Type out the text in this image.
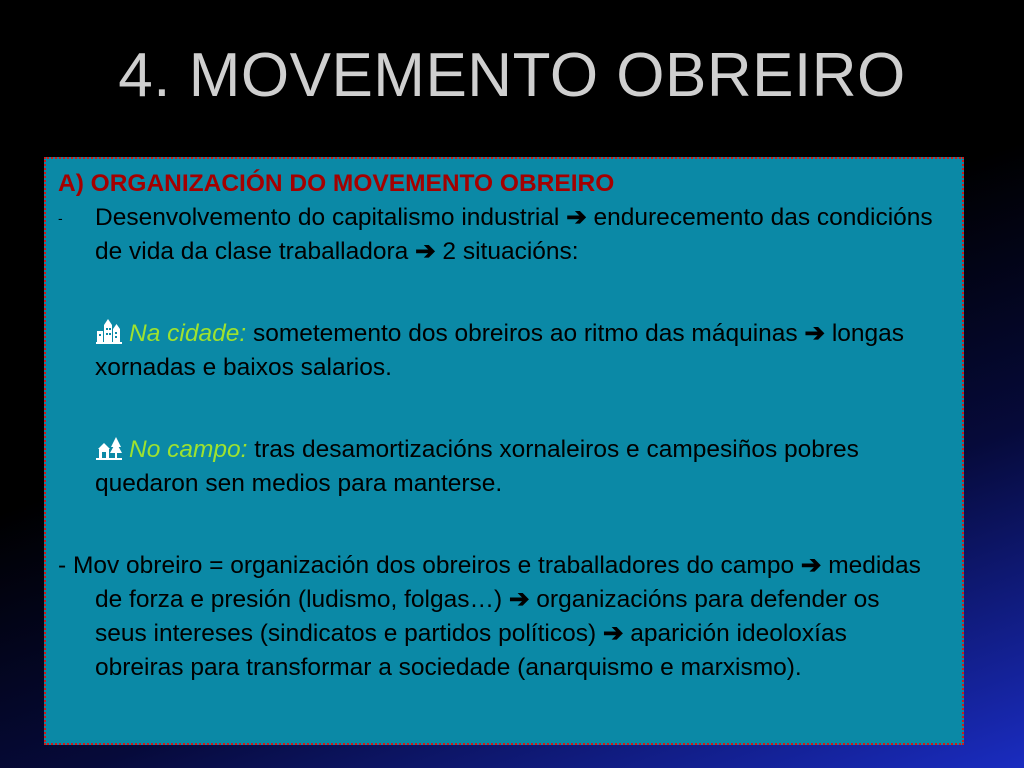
4. MOVEMENTO OBREIRO

A) ORGANIZACIÓN DO MOVEMENTO OBREIRO

- Desenvolvemento do capitalismo industrial ➔ endurecemento das condicións de vida da clase traballadora ➔ 2 situacións:

Na cidade: sometemento dos obreiros ao ritmo das máquinas ➔ longas xornadas e baixos salarios.

No campo: tras desamortizacións xornaleiros e campesiños pobres quedaron sen medios para manterse.

- Mov obreiro = organización dos obreiros e traballadores do campo ➔ medidas de forza e presión (ludismo, folgas…) ➔ organizacións para defender os seus intereses (sindicatos e partidos políticos) ➔ aparición ideoloxías obreiras para transformar a sociedade (anarquismo e marxismo).
